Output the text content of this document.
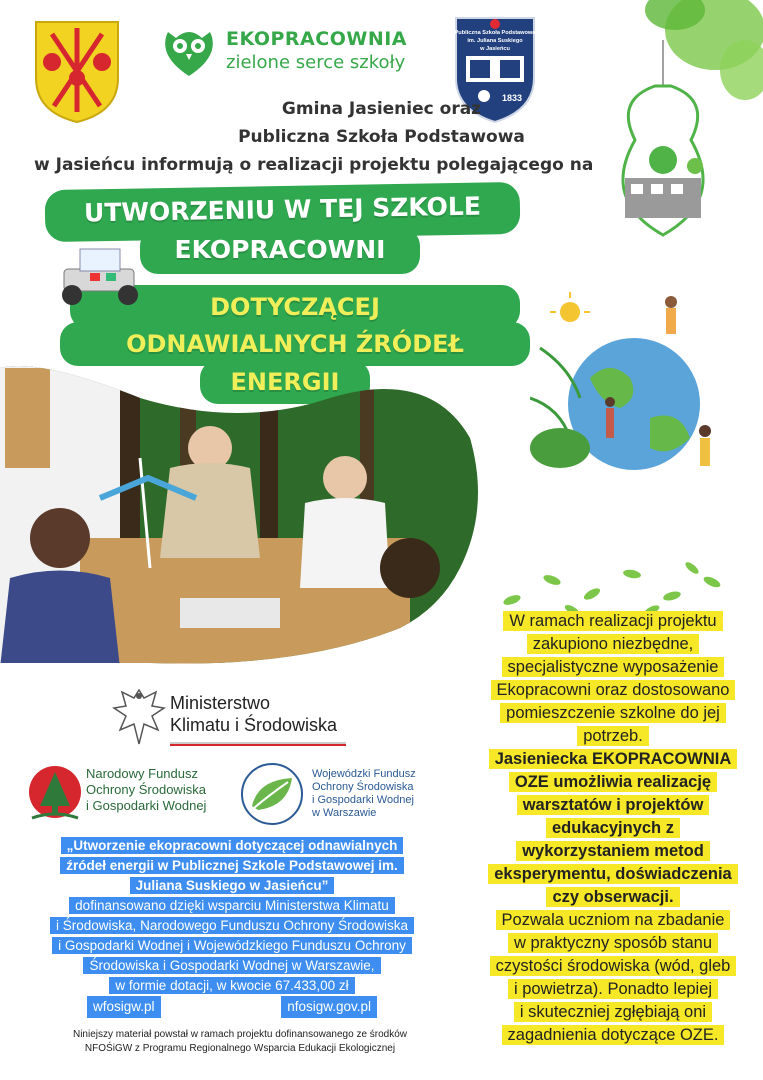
EKOPRACOWNIA
zielone serce szkoły
1833
Publiczna Szkoła Podstawowa
im. Juliana Suskiego
w Jasieńcu
Gmina Jasieniec oraz
Publiczna Szkoła Podstawowa
w Jasieńcu informują o realizacji projektu polegającego na
UTWORZENIU W TEJ SZKOLE
EKOPRACOWNI
DOTYCZĄCEJ
ODNAWIALNYCH ŹRÓDEŁ
ENERGII
W ramach realizacji projektu
zakupiono niezbędne,
specjalistyczne wyposażenie
Ekopracowni oraz dostosowano
pomieszczenie szkolne do jej
potrzeb.
Jasieniecka EKOPRACOWNIA
OZE umożliwia realizację
warsztatów i projektów
edukacyjnych z
wykorzystaniem metod
eksperymentu, doświadczenia
czy obserwacji.
Pozwala uczniom na zbadanie
w praktyczny sposób stanu
czystości środowiska (wód, gleb
i powietrza). Ponadto lepiej
i skuteczniej zgłębiają oni
zagadnienia dotyczące OZE.
Ministerstwo
Klimatu i Środowiska
Narodowy Fundusz
Ochrony Środowiska
i Gospodarki Wodnej
Wojewódzki Fundusz
Ochrony Środowiska
i Gospodarki Wodnej
w Warszawie
„Utworzenie ekopracowni dotyczącej odnawialnych
źródeł energii w Publicznej Szkole Podstawowej im.
Juliana Suskiego w Jasieńcu”
dofinansowano dzięki wsparciu Ministerstwa Klimatu
i Środowiska, Narodowego Funduszu Ochrony Środowiska
i Gospodarki Wodnej i Wojewódzkiego Funduszu Ochrony
Środowiska i Gospodarki Wodnej w Warszawie,
w formie dotacji, w kwocie 67.433,00 zł
wfosigw.pl	nfosigw.gov.pl
Niniejszy materiał powstał w ramach projektu dofinansowanego ze środków
NFOŚiGW z Programu Regionalnego Wsparcia Edukacji Ekologicznej
